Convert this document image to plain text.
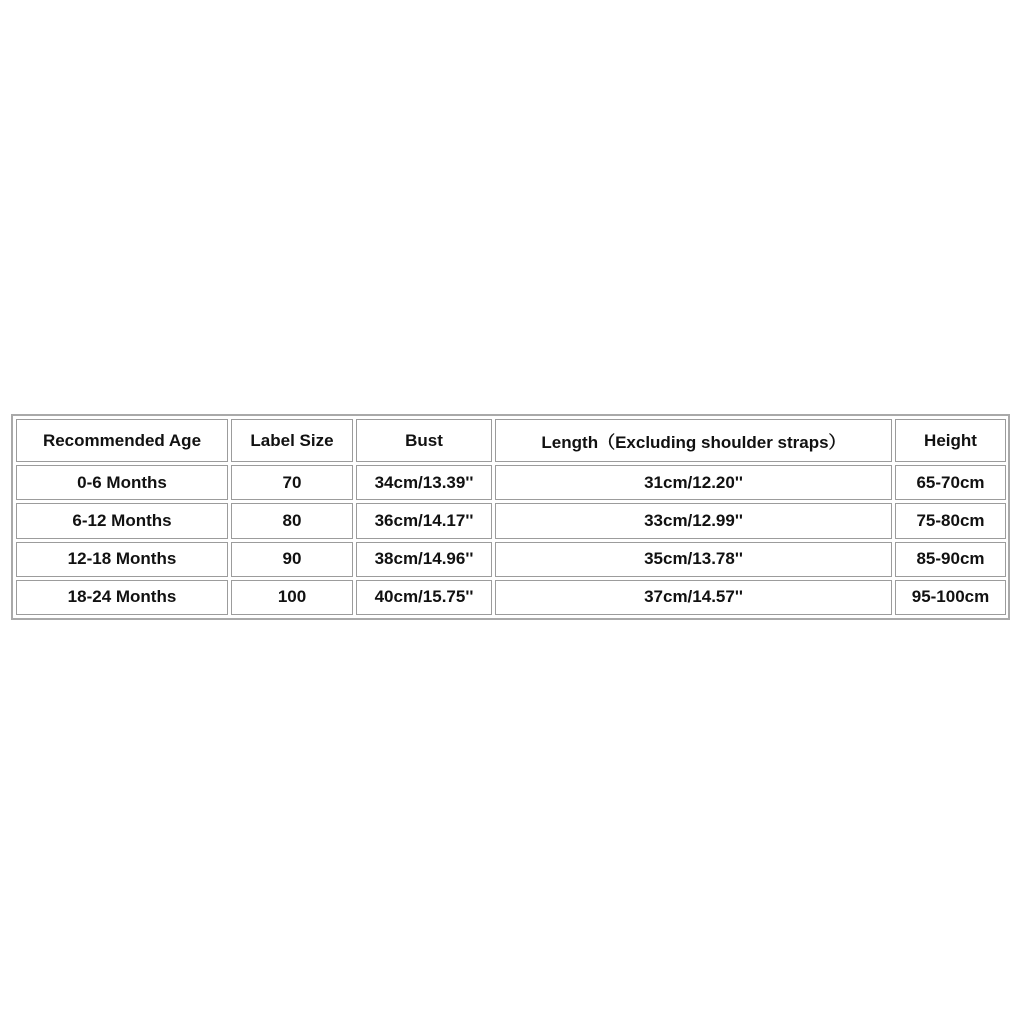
Recommended Age	Label Size	Bust	Length（Excluding shoulder straps）	Height
0-6 Months	70	34cm/13.39''	31cm/12.20''	65-70cm
6-12 Months	80	36cm/14.17''	33cm/12.99''	75-80cm
12-18 Months	90	38cm/14.96''	35cm/13.78''	85-90cm
18-24 Months	100	40cm/15.75''	37cm/14.57''	95-100cm
